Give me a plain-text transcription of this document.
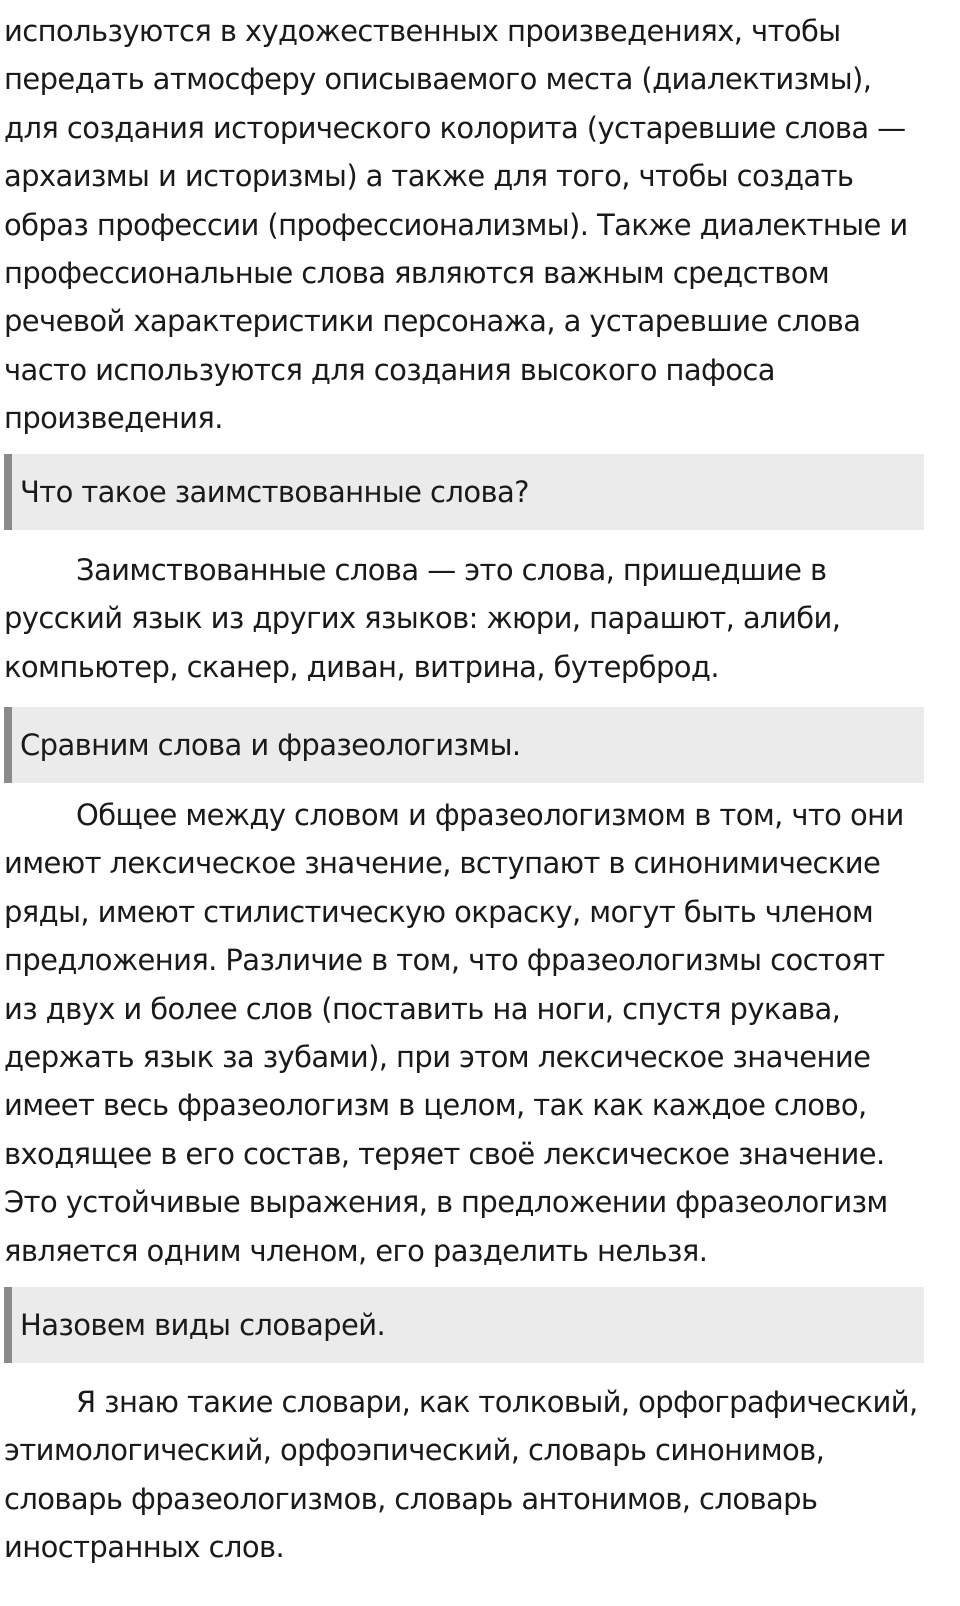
используются в художественных произведениях, чтобы
передать атмосферу описываемого места (диалектизмы),
для создания исторического колорита (устаревшие слова —
архаизмы и историзмы) а также для того, чтобы создать
образ профессии (профессионализмы). Также диалектные и
профессиональные слова являются важным средством
речевой характеристики персонажа, а устаревшие слова
часто используются для создания высокого пафоса
произведения.
Что такое заимствованные слова?
Заимствованные слова — это слова, пришедшие в
русский язык из других языков: жюри, парашют, алиби,
компьютер, сканер, диван, витрина, бутерброд.
Сравним слова и фразеологизмы.
Общее между словом и фразеологизмом в том, что они
имеют лексическое значение, вступают в синонимические
ряды, имеют стилистическую окраску, могут быть членом
предложения. Различие в том, что фразеологизмы состоят
из двух и более слов (поставить на ноги, спустя рукава,
держать язык за зубами), при этом лексическое значение
имеет весь фразеологизм в целом, так как каждое слово,
входящее в его состав, теряет своё лексическое значение.
Это устойчивые выражения, в предложении фразеологизм
является одним членом, его разделить нельзя.
Назовем виды словарей.
Я знаю такие словари, как толковый, орфографический,
этимологический, орфоэпический, словарь синонимов,
словарь фразеологизмов, словарь антонимов, словарь
иностранных слов.
